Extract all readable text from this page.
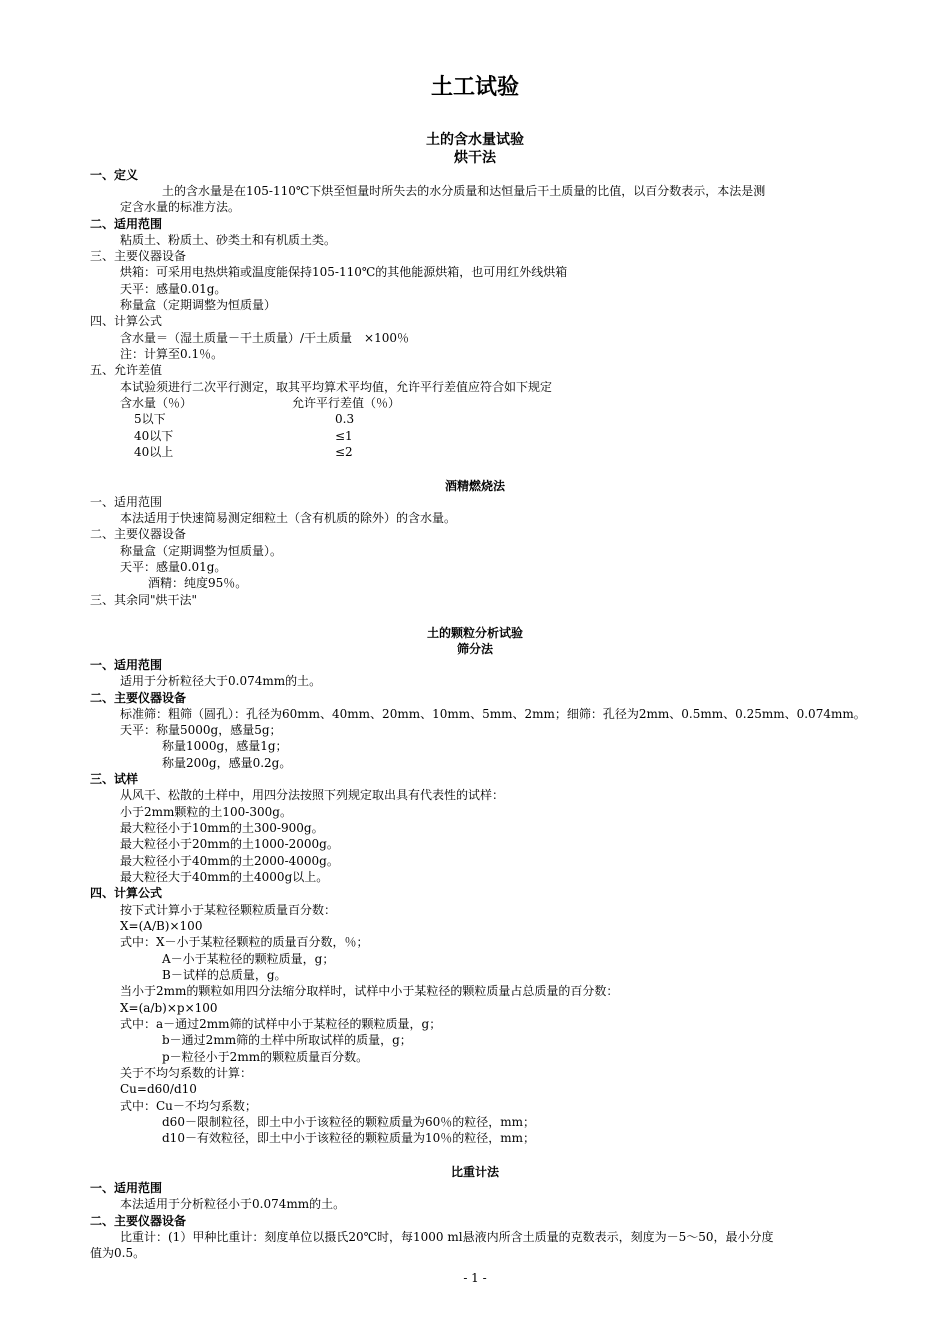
土工试验
土的含水量试验
烘干法
一、定义
土的含水量是在105-110℃下烘至恒量时所失去的水分质量和达恒量后干土质量的比值，以百分数表示，本法是测
定含水量的标准方法。
二、适用范围
粘质土、粉质土、砂类土和有机质土类。
三、主要仪器设备
烘箱：可采用电热烘箱或温度能保持105-110℃的其他能源烘箱，也可用红外线烘箱
天平：感量0.01g。
称量盒（定期调整为恒质量）
四、计算公式
含水量＝（湿土质量－干土质量）/干土质量　×100％
注：计算至0.1％。
五、允许差值
本试验须进行二次平行测定，取其平均算术平均值，允许平行差值应符合如下规定
含水量（％）	允许平行差值（％）
5以下	0.3
40以下	≤1
40以上	≤2
酒精燃烧法
一、适用范围
本法适用于快速简易测定细粒土（含有机质的除外）的含水量。
二、主要仪器设备
称量盒（定期调整为恒质量）。
天平：感量0.01g。
酒精：纯度95％。
三、其余同"烘干法"
土的颗粒分析试验
筛分法
一、适用范围
适用于分析粒径大于0.074mm的土。
二、主要仪器设备
标准筛：粗筛（圆孔）：孔径为60mm、40mm、20mm、10mm、5mm、2mm；细筛：孔径为2mm、0.5mm、0.25mm、0.074mm。
天平：称量5000g，感量5g；
称量1000g，感量1g；
称量200g，感量0.2g。
三、试样
从风干、松散的土样中，用四分法按照下列规定取出具有代表性的试样：
小于2mm颗粒的土100-300g。
最大粒径小于10mm的土300-900g。
最大粒径小于20mm的土1000-2000g。
最大粒径小于40mm的土2000-4000g。
最大粒径大于40mm的土4000g以上。
四、计算公式
按下式计算小于某粒径颗粒质量百分数：
X=(A/B)×100
式中：X－小于某粒径颗粒的质量百分数，％；
A－小于某粒径的颗粒质量，g；
B－试样的总质量，g。
当小于2mm的颗粒如用四分法缩分取样时，试样中小于某粒径的颗粒质量占总质量的百分数：
X=(a/b)×p×100
式中：a－通过2mm筛的试样中小于某粒径的颗粒质量，g；
b－通过2mm筛的土样中所取试样的质量，g；
p－粒径小于2mm的颗粒质量百分数。
关于不均匀系数的计算：
Cu=d60/d10
式中：Cu－不均匀系数；
d60－限制粒径，即土中小于该粒径的颗粒质量为60％的粒径，mm；
d10－有效粒径，即土中小于该粒径的颗粒质量为10％的粒径，mm；
比重计法
一、适用范围
本法适用于分析粒径小于0.074mm的土。
二、主要仪器设备
比重计：(1）甲种比重计：刻度单位以摄氏20℃时，每1000 ml悬液内所含土质量的克数表示，刻度为－5～50，最小分度
值为0.5。
- 1 -
